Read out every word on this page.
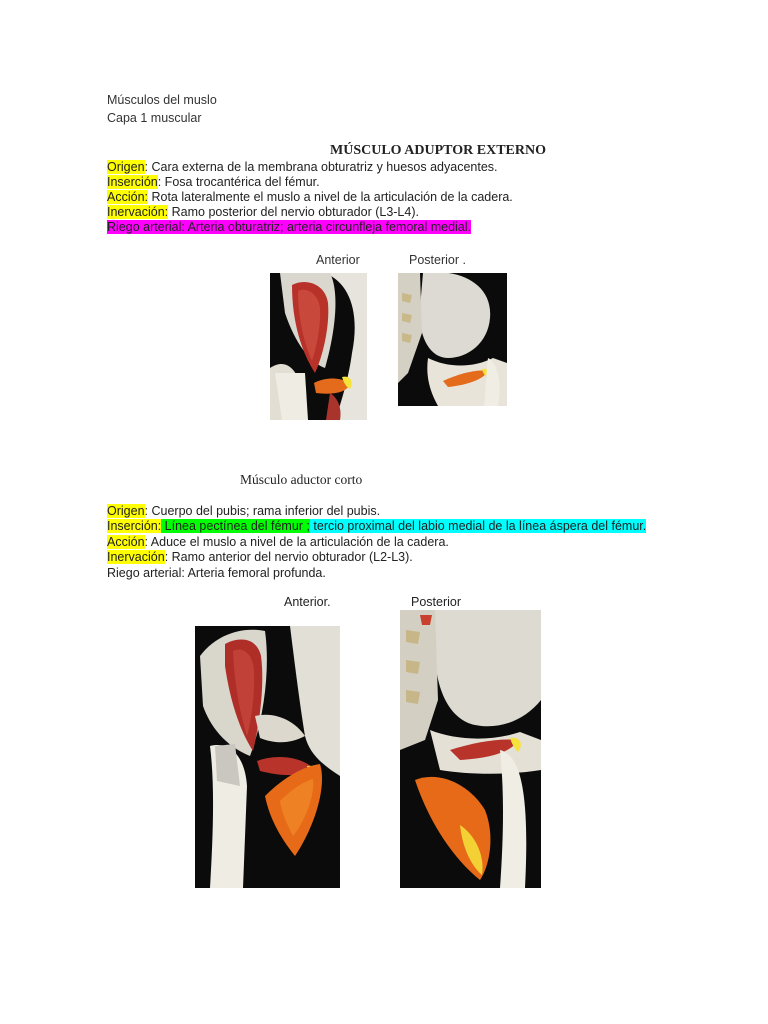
Músculos del muslo
Capa 1 muscular
MÚSCULO ADUPTOR EXTERNO
Origen: Cara externa de la membrana obturatriz y huesos adyacentes.
Inserción: Fosa trocantérica del fémur.
Acción: Rota lateralmente el muslo a nivel de la articulación de la cadera.
Inervación: Ramo posterior del nervio obturador (L3-L4).
Riego arterial: Arteria obturatriz; arteria circunfleja femoral medial.
Anterior	Posterior .
Músculo aductor corto
Origen: Cuerpo del pubis; rama inferior del pubis.
Inserción: Línea pectínea del fémur ; tercio proximal del labio medial de la línea áspera del fémur.
Acción: Aduce el muslo a nivel de la articulación de la cadera.
Inervación: Ramo anterior del nervio obturador (L2-L3).
Riego arterial: Arteria femoral profunda.
Anterior.	Posterior
